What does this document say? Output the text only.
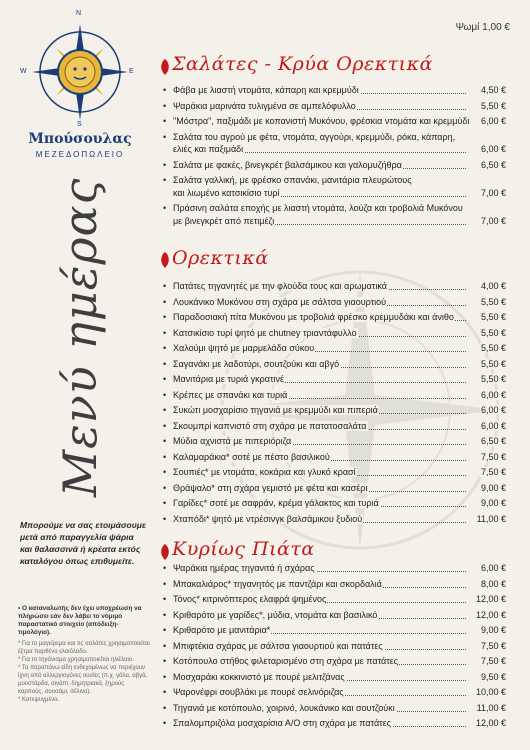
N
E
S
W
Μπούσουλας
ΜΕΖΕΔΟΠΩΛΕΙΟ
Μενύ ημέρας
Μπορούμε να σας ετοιμάσουμε μετά από παραγγελία ψάρια και θαλασσινά ή κρέατα εκτός καταλόγου όπως επιθυμείτε.
• Ο καταναλωτής δεν έχει υποχρέωση να πληρώσει εάν δεν λάβει το νόμιμο παραστατικό στοιχείο (απόδειξη-τιμολόγιο).
* Για το μαγείρεμα και τις σαλάτες χρησιμοποιείται έξτρα παρθένο ελαιόλαδο.
* Για το τηγάνισμα χρησιμοποιείται ηλιέλαιο.
* Τα παραπάνω είδη ενδεχομένως να περιέχουν ίχνη από αλλεργιογόνες ουσίες (π.χ. γάλα, αβγά, μουστάρδα, σινάπι, δημητριακά, ξηρούς καρπούς, σουσάμι, σέλινο).
* Κατεψυγμένο.
Ψωμί 1,00 €
Σαλάτες - Κρύα Ορεκτικά
Ορεκτικά
Κυρίως Πιάτα
• Φάβα με λιαστή ντομάτα, κάπαρη και κρεμμύδι	4,50 €
• Ψαράκια μαρινάτα τυλιγμένα σε αμπελόφυλλο	5,50 €
• "Μόστρα", παξιμάδι με κοπανιστή Μυκόνου, φρέσκια ντομάτα και κρεμμύδι 6,00 €
• Σαλάτα του αγρού με φέτα, ντομάτα, αγγούρι, κρεμμύδι, ρόκα, κάπαρη,
ελιές και παξιμάδι	6,00 €
• Σαλάτα με φακές, βινεγκρέτ βαλσάμικου και γαλομυζήθρα	6,50 €
• Σαλάτα γαλλική, με φρέσκο σπανάκι, μανιτάρια πλευρώτους
και λιωμένο κατσικίσιο τυρί	7,00 €
• Πράσινη σαλάτα εποχής με λιαστή ντομάτα, λούζα και τροβολιά Μυκόνου
με βινεγκρέτ από πετιμέζι	7,00 €
• Πατάτες τηγανητές με την φλούδα τους και αρωματικά	4,00 €
• Λουκάνικο Μυκόνου στη σχάρα με σάλτσα γιαουρτιού	5,50 €
• Παραδοσιακή πίτα Μυκόνου με τροβολιά φρέσκο κρεμμυδάκι και άνιθο	5,50 €
• Κατσικίσιο τυρί ψητό με chutney τριαντάφυλλο	5,50 €
• Χαλούμι ψητό με μαρμελάδα σύκου	5,50 €
• Σαγανάκι με λαδοτύρι, σουτζούκι και αβγό	5,50 €
• Μανιτάρια με τυριά γκρατινέ	5,50 €
• Κρέπες με σπανάκι και τυριά	6,00 €
• Συκώτι μοσχαρίσιο τηγανιά με κρεμμύδι και πιπεριά	6,00 €
• Σκουμπρί καπνιστό στη σχάρα με πατατοσαλάτα	6,00 €
• Μύδια αχνιστά με πιπεριόριζα	6,50 €
• Καλαμαράκια* σοτέ με πέστο βασιλικού	7,50 €
• Σουπιές* με ντομάτα, κοκάρια και γλυκό κρασί	7,50 €
• Θράψαλο* στη σχάρα γεμιστό με φέτα και κασέρι	9,00 €
• Γαρίδες* σοτέ με σαφράν, κρέμα γάλακτος και τυριά	9,00 €
• Χταπόδι* ψητό με ντρέσινγκ βαλσάμικου ξυδιού	11,00 €
• Ψαράκια ημέρας τηγανιτά ή σχάρας	6,00 €
• Μπακαλιάρος* τηγανητός με παντζάρι και σκορδαλιά	8,00 €
• Τόνος* κιτρινόπτερος ελαφρά ψημένος	12,00 €
• Κριθαρότο με γαρίδες*, μύδια, ντομάτα και βασιλικό	12,00 €
• Κριθαρότο με μανιτάρια*	9,00 €
• Μπιφτέκια σχάρας με σάλτσα γιαουρτιού και πατάτες	7,50 €
• Κοτόπουλο στήθος φιλεταρισμένο στη σχάρα με πατάτες	7,50 €
• Μοσχαράκι κοκκινιστό με πουρέ μελιτζάνας	9,50 €
• Ψαρονέφρι σουβλάκι με πουρέ σελινόριζας	10,00 €
• Τηγανιά με κοτόπουλο, χοιρινό, λουκάνικο και σουτζούκι	11,00 €
• Σπαλομπριζόλα μοσχαρίσια Α/Ο στη σχάρα με πατάτες	12,00 €
